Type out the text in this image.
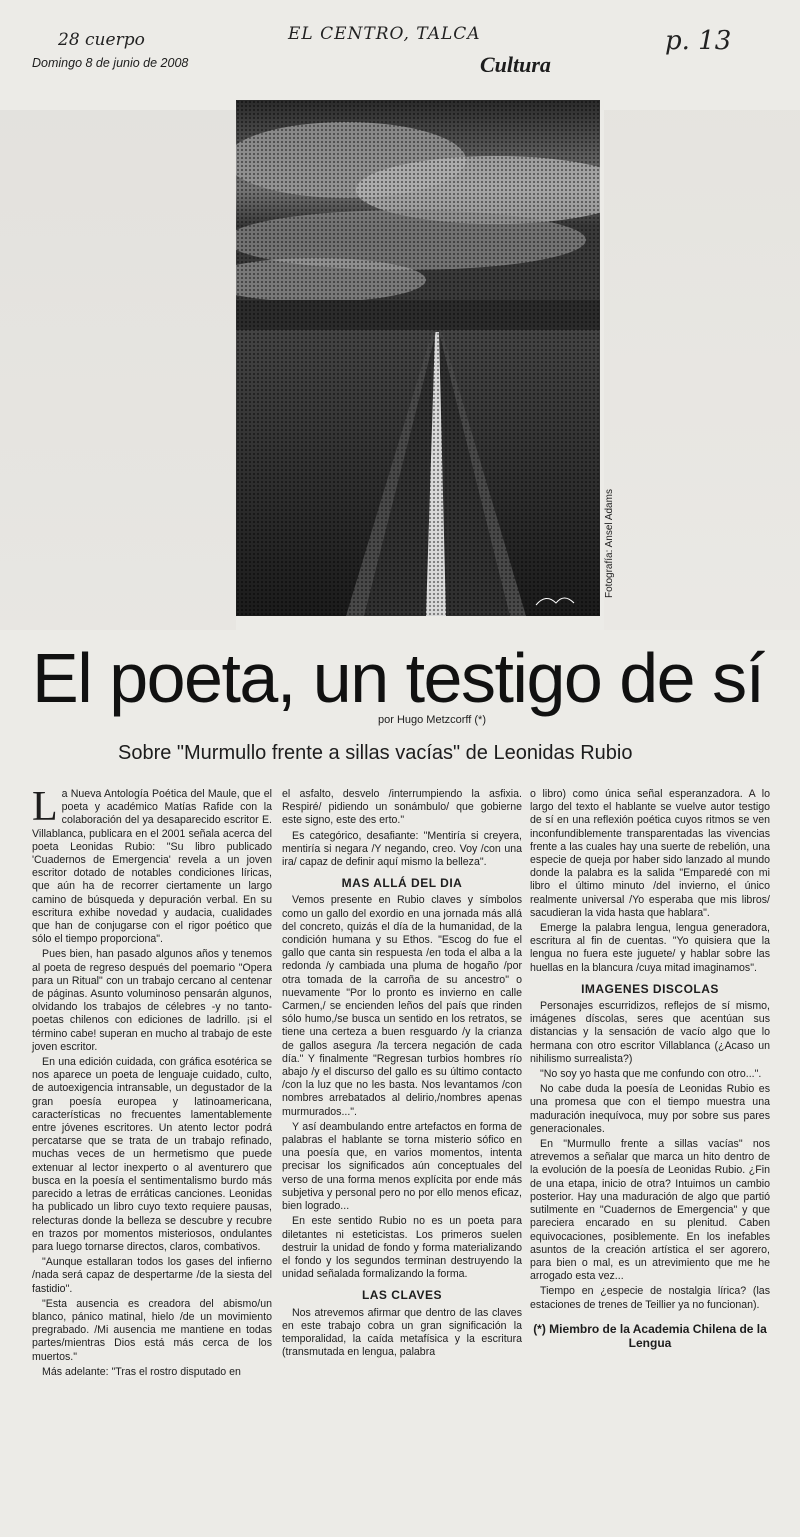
28 cuerpo	EL CENTRO, TALCA	p. 13
Domingo 8 de junio de 2008	Cultura
Fotografía: Ansel Adams
El poeta, un testigo de sí
por Hugo Metzcorff (*)
Sobre "Murmullo frente a sillas vacías" de Leonidas Rubio

La Nueva Antología Poética del Maule, que el poeta y académico Matías Rafide con la colaboración del ya desaparecido escritor E. Villablanca, publicara en el 2001 señala acerca del poeta Leonidas Rubio: "Su libro publicado 'Cuadernos de Emergencia' revela a un joven escritor dotado de notables condiciones líricas, que aún ha de recorrer ciertamente un largo camino de búsqueda y depuración verbal. En su escritura exhibe novedad y audacia, cualidades que han de conjugarse con el rigor poético que sólo el tiempo proporciona".

Pues bien, han pasado algunos años y tenemos al poeta de regreso después del poemario "Opera para un Ritual" con un trabajo cercano al centenar de páginas. Asunto voluminoso pensarán algunos, olvidando los trabajos de célebres -y no tanto- poetas chilenos con ediciones de ladrillo. ¡si el término cabe! superan en mucho al trabajo de este joven escritor.

En una edición cuidada, con gráfica esotérica se nos aparece un poeta de lenguaje cuidado, culto, de autoexigencia intransable, un degustador de la gran poesía europea y latinoamericana, características no frecuentes lamentablemente entre jóvenes escritores. Un atento lector podrá percatarse que se trata de un trabajo refinado, muchas veces de un hermetismo que puede extenuar al lector inexperto o al aventurero que busca en la poesía el sentimentalismo burdo más parecido a letras de erráticas canciones. Leonidas ha publicado un libro cuyo texto requiere pausas, relecturas donde la belleza se descubre y recubre en trazos por momentos misteriosos, ondulantes para luego tornarse directos, claros, combativos.

"Aunque estallaran todos los gases del infierno /nada será capaz de despertarme /de la siesta del fastidio".

"Esta ausencia es creadora del abismo/un blanco, pánico matinal, hielo /de un movimiento pregrabado. /Mi ausencia me mantiene en todas partes/mientras Dios está más cerca de los muertos."

Más adelante: "Tras el rostro disputado en

el asfalto, desvelo /interrumpiendo la asfixia. Respiré/ pidiendo un sonámbulo/ que gobierne este signo, este des erto."

Es categórico, desafiante: "Mentiría si creyera, mentiría si negara /Y negando, creo. Voy /con una ira/ capaz de definir aquí mismo la belleza".

MAS ALLÁ DEL DIA

Vemos presente en Rubio claves y símbolos como un gallo del exordio en una jornada más allá del concreto, quizás el día de la humanidad, de la condición humana y su Ethos. "Escog do fue el gallo que canta sin respuesta /en toda el alba a la redonda /y cambiada una pluma de hogaño /por otra tomada de la carroña de su ancestro" o nuevamente "Por lo pronto es invierno en calle Carmen,/ se encienden leños del país que rinden sólo humo,/se busca un sentido en los retratos, se tiene una certeza a buen resguardo /y la crianza de gallos asegura /la tercera negación de cada día." Y finalmente "Regresan turbios hombres río abajo /y el discurso del gallo es su último contacto /con la luz que no les basta. Nos levantamos /con nombres arrebatados al delirio,/nombres apenas murmurados...".

Y así deambulando entre artefactos en forma de palabras el hablante se torna misterio sófico en una poesía que, en varios momentos, intenta precisar los significados aún conceptuales del verso de una forma menos explícita por ende más subjetiva y personal pero no por ello menos eficaz, bien logrado...

En este sentido Rubio no es un poeta para diletantes ni esteticistas. Los primeros suelen destruir la unidad de fondo y forma materializando el fondo y los segundos terminan destruyendo la unidad señalada formalizando la forma.

LAS CLAVES

Nos atrevemos afirmar que dentro de las claves en este trabajo cobra un gran significación la temporalidad, la caída metafísica y la escritura (transmutada en lengua, palabra

o libro) como única señal esperanzadora. A lo largo del texto el hablante se vuelve autor testigo de sí en una reflexión poética cuyos ritmos se ven inconfundiblemente transparentadas las vivencias frente a las cuales hay una suerte de rebelión, una especie de queja por haber sido lanzado al mundo donde la palabra es la salida "Emparedé con mi libro el último minuto /del invierno, el único realmente universal /Yo esperaba que mis libros/ sacudieran la vida hasta que hablara".

Emerge la palabra lengua, lengua generadora, escritura al fin de cuentas. "Yo quisiera que la lengua no fuera este juguete/ y hablar sobre las huellas en la blancura /cuya mitad imaginamos".

IMAGENES DISCOLAS

Personajes escurridizos, reflejos de sí mismo, imágenes díscolas, seres que acentúan sus distancias y la sensación de vacío algo que lo hermana con otro escritor Villablanca (¿Acaso un nihilismo surrealista?)

"No soy yo hasta que me confundo con otro...".

No cabe duda la poesía de Leonidas Rubio es una promesa que con el tiempo muestra una maduración inequívoca, muy por sobre sus pares generacionales.

En "Murmullo frente a sillas vacías" nos atrevemos a señalar que marca un hito dentro de la evolución de la poesía de Leonidas Rubio. ¿Fin de una etapa, inicio de otra? Intuimos un cambio posterior. Hay una maduración de algo que partió sutilmente en "Cuadernos de Emergencia" y que pareciera encarado en su plenitud. Caben equivocaciones, posiblemente. En los inefables asuntos de la creación artística el ser agorero, para bien o mal, es un atrevimiento que me he arrogado esta vez...

Tiempo en ¿especie de nostalgia lírica? (las estaciones de trenes de Teillier ya no funcionan).

(*) Miembro de la Academia Chilena de la Lengua
